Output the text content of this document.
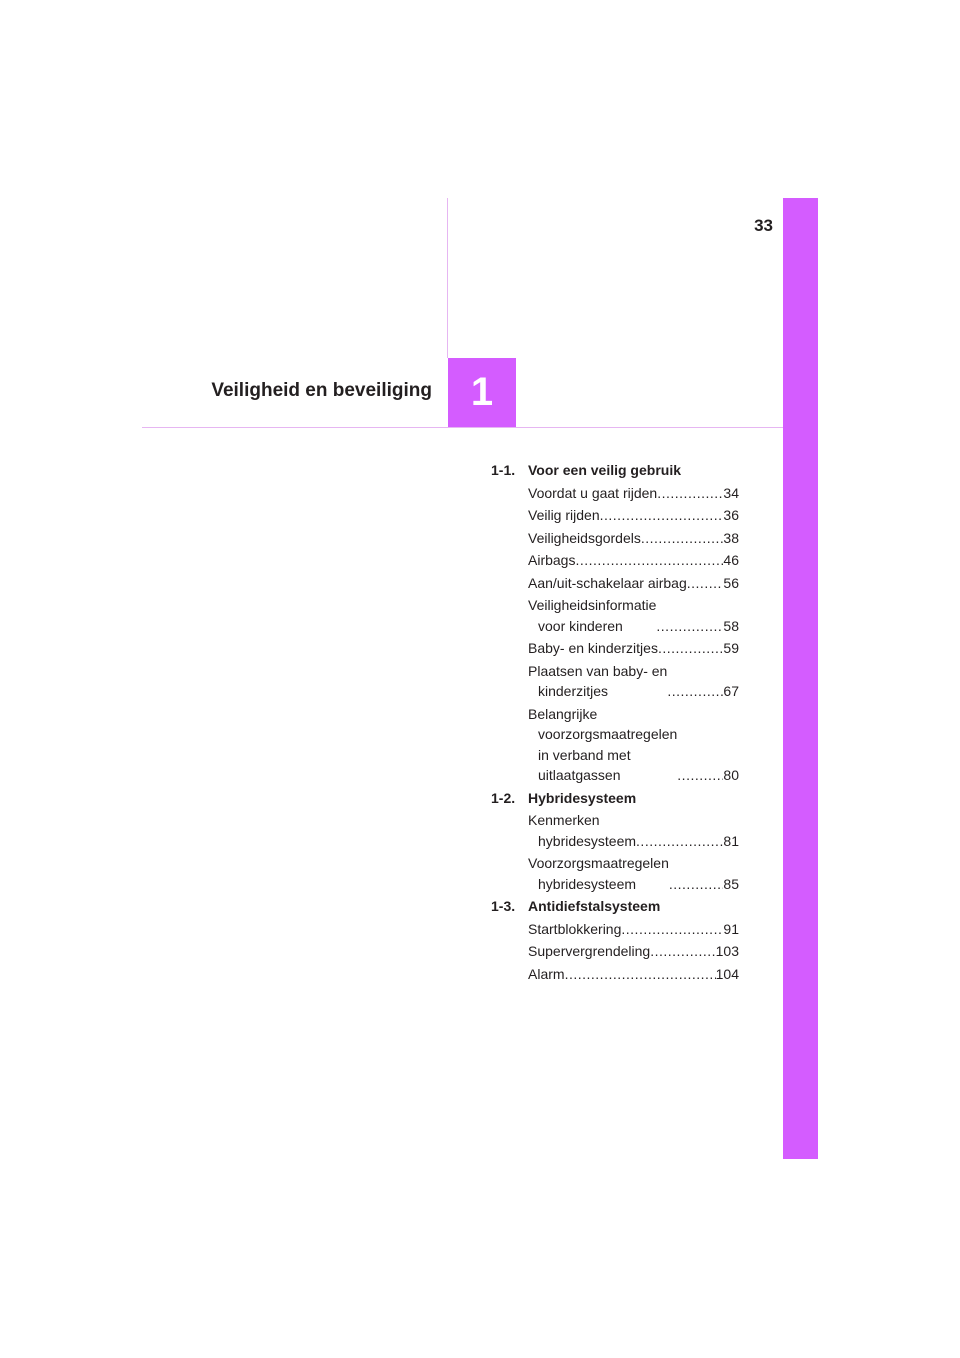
33
Veiligheid en beveiliging 1
1-1. Voor een veilig gebruik
Voordat u gaat rijden .....	34
Veilig rijden .....	36
Veiligheidsgordels .....	38
Airbags .....	46
Aan/uit-schakelaar airbag .....	56
Veiligheidsinformatie
voor kinderen .....	58
Baby- en kinderzitjes .....	59
Plaatsen van baby- en
kinderzitjes .....	67
Belangrijke
voorzorgsmaatregelen
in verband met
uitlaatgassen .....	80
1-2. Hybridesysteem
Kenmerken
hybridesysteem .....	81
Voorzorgsmaatregelen
hybridesysteem .....	85
1-3. Antidiefstalsysteem
Startblokkering .....	91
Supervergrendeling .....	103
Alarm .....	104
